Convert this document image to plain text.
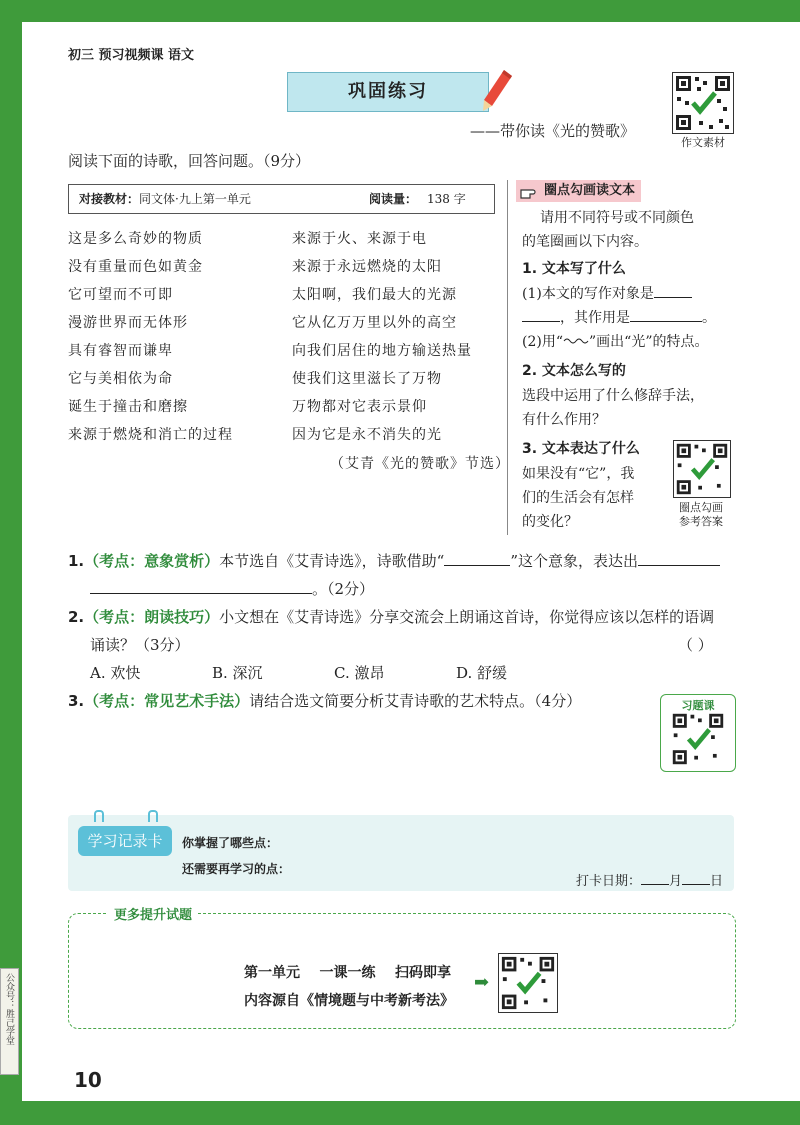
公众号：胜己学堂
初三 预习视频课 语文
巩固练习
——带你读《光的赞歌》
作文素材
阅读下面的诗歌，回答问题。（9分）
对接教材：同文体·九上第一单元	阅读量： 138 字
这是多么奇妙的物质
没有重量而色如黄金
它可望而不可即
漫游世界而无体形
具有睿智而谦卑
它与美相依为命
诞生于撞击和磨擦
来源于燃烧和消亡的过程
来源于火、来源于电
来源于永远燃烧的太阳
太阳啊，我们最大的光源
它从亿万万里以外的高空
向我们居住的地方输送热量
使我们这里滋长了万物
万物都对它表示景仰
因为它是永不消失的光
（艾青《光的赞歌》节选）
圈点勾画读文本
请用不同符号或不同颜色
的笔圈画以下内容。
1. 文本写了什么
(1)本文的写作对象是
，其作用是	。
(2)用“ ”画出“光”的特点。
2. 文本怎么写的
选段中运用了什么修辞手法，
有什么作用？
3. 文本表达了什么
如果没有“它”，我
们的生活会有怎样
的变化？
圈点勾画
参考答案
1.（考点：意象赏析）本节选自《艾青诗选》，诗歌借助“	”这个意象，表达出
。（2分）
2.（考点：朗读技巧）小文想在《艾青诗选》分享交流会上朗诵这首诗，你觉得应该以怎样的语调
诵读？（3分）	（ ）
A. 欢快	B. 深沉	C. 激昂	D. 舒缓
3.（考点：常见艺术手法）请结合选文简要分析艾青诗歌的艺术特点。（4分）	习题课
学习记录卡	你掌握了哪些点：
还需要再学习的点：
打卡日期： 月 日
更多提升试题
第一单元    一课一练    扫码即享
内容源自《情境题与中考新考法》
➡
10
